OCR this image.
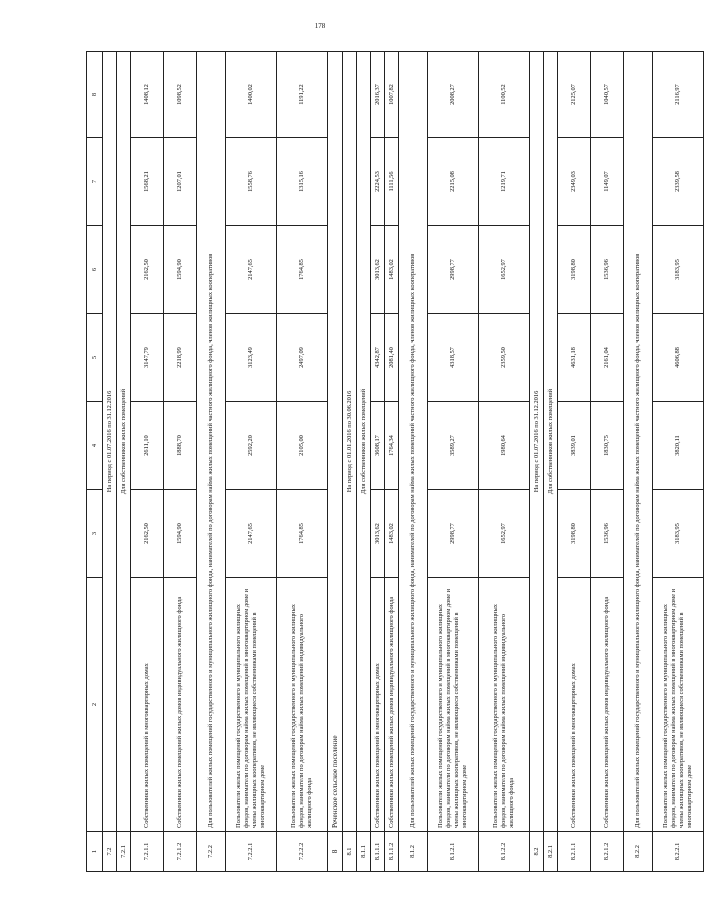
178
1	2	3	4	5	6	7	8
7.2	На период с 01.07.2016 по 31.12.2016						
7.2.1	Для собственников жилых помещений						
7.2.1.1	Собственники жилых помещений в многоквартирных домах	2162,50	2611,10	3147,79	2162,50	1568,21	1408,12
7.2.1.2	Собственники жилых помещений жилых домов индивидуального жилищного фонда	1594,90	1888,70	2218,99	1594,90	1207,01	1098,52
7.2.2	Для пользователей жилых помещений государственного и муниципального жилищного фонда, нанимателей по договорам найма жилых помещений частного жилищного фонда, членов жилищных кооперативов						
7.2.2.1	Пользователи жилых помещений государственного и муниципального жилищных фондов, наниматели по договорам найма жилых помещений в многоквартирном доме и члены жилищных кооперативов, не являющиеся собственниками помещений в многоквартирном доме	2147,65	2592,20	3123,49	2147,65	1558,76	1400,02
7.2.2.2	Пользователи жилых помещений государственного и муниципального жилищных фондов, наниматели по договорам найма жилых помещений индивидуального жилищного фонда	1764,85	2105,00	2497,09	1764,85	1315,16	1191,22
8	Реченское сельское поселение						
8.1	На период с 01.01.2016 по 30.06.2016						
8.1.1	Для собственников жилых помещений						
8.1.1.1	Собственники жилых помещений в многоквартирных домах	3013,62	3608,17	4342,87	3013,62	2224,53	2016,37
8.1.1.2	Собственники жилых помещений жилых домов индивидуального жилищного фонда	1483,02	1764,34	2081,40	1483,02	1111,56	1007,82
8.1.2	Для пользователей жилых помещений государственного и муниципального жилищного фонда, нанимателей по договорам найма жилых помещений частного жилищного фонда, членов жилищных кооперативов						
8.1.2.1	Пользователи жилых помещений государственного и муниципального жилищных фондов, наниматели по договорам найма жилых помещений в многоквартирном доме и члены жилищных кооперативов, не являющиеся собственниками помещений в многоквартирном доме	2998,77	3589,27	4318,57	2998,77	2215,08	2008,27
8.1.2.2	Пользователи жилых помещений государственного и муниципального жилищных фондов, наниматели по договорам найма жилых помещений индивидуального жилищного фонда	1652,97	1980,64	2359,50	1652,97	1219,71	1100,52
8.2	На период с 01.07.2016 по 31.12.2016						
8.2.1	Для собственников жилых помещений						
8.2.1.1	Собственники жилых помещений в многоквартирных домах	3198,80	3839,01	4631,18	3198,80	2349,03	2125,07
8.2.1.2	Собственники жилых помещений жилых домов индивидуального жилищного фонда	1536,96	1830,75	2161,04	1536,96	1149,07	1040,57
8.2.2	Для пользователей жилых помещений государственного и муниципального жилищного фонда, нанимателей по договорам найма жилых помещений частного жилищного фонда, членов жилищных кооперативов						
8.2.2.1	Пользователи жилых помещений государственного и муниципального жилищных фондов, наниматели по договорам найма жилых помещений в многоквартирном доме и члены жилищных кооперативов, не являющиеся собственниками помещений в многоквартирном доме	3183,95	3820,11	4606,88	3183,95	2339,58	2116,97
